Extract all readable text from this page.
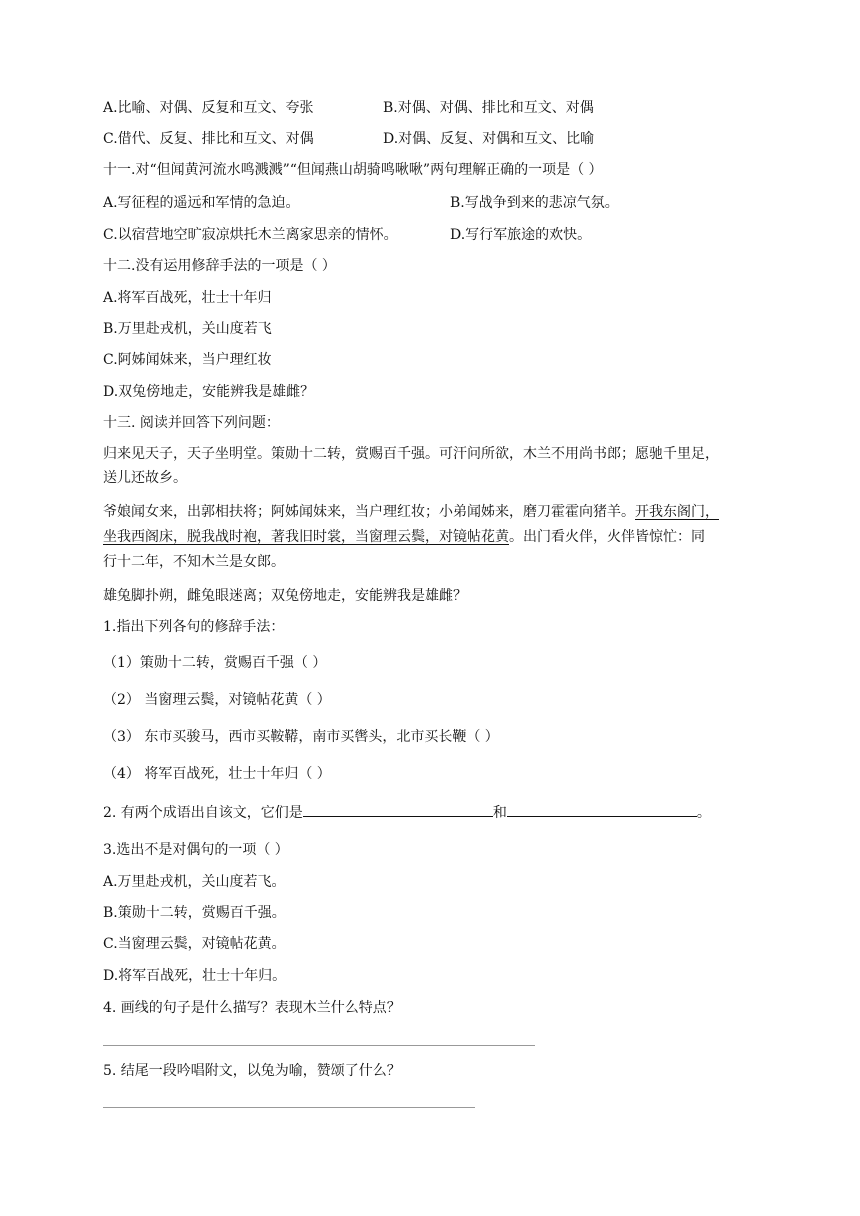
A.比喻、对偶、反复和互文、夸张	B.对偶、对偶、排比和互文、对偶
C.借代、反复、排比和互文、对偶	D.对偶、反复、对偶和互文、比喻
十一.对“但闻黄河流水鸣溅溅”“但闻燕山胡骑鸣啾啾”两句理解正确的一项是（ ）
A.写征程的遥远和军情的急迫。	B.写战争到来的悲凉气氛。
C.以宿营地空旷寂凉烘托木兰离家思亲的情怀。	D.写行军旅途的欢快。
十二.没有运用修辞手法的一项是（ ）
A.将军百战死，壮士十年归
B.万里赴戎机，关山度若飞
C.阿姊闻妹来，当户理红妆
D.双兔傍地走，安能辨我是雄雌？
十三. 阅读并回答下列问题：
归来见天子，天子坐明堂。策勋十二转，赏赐百千强。可汗问所欲，木兰不用尚书郎；愿驰千里足，
送儿还故乡。
爷娘闻女来，出郭相扶将；阿姊闻妹来，当户理红妆；小弟闻姊来，磨刀霍霍向猪羊。开我东阁门，
坐我西阁床，脱我战时袍，著我旧时裳，当窗理云鬓，对镜帖花黄。出门看火伴，火伴皆惊忙：同
行十二年，不知木兰是女郎。
雄兔脚扑朔，雌兔眼迷离；双兔傍地走，安能辨我是雄雌？
1.指出下列各句的修辞手法：
（1）策勋十二转，赏赐百千强（ ）
（2） 当窗理云鬓，对镜帖花黄（ ）
（3） 东市买骏马，西市买鞍鞯，南市买辔头，北市买长鞭（ ）
（4） 将军百战死，壮士十年归（ ）
2. 有两个成语出自该文，它们是	和	。
3.选出不是对偶句的一项（ ）
A.万里赴戎机，关山度若飞。
B.策勋十二转，赏赐百千强。
C.当窗理云鬓，对镜帖花黄。
D.将军百战死，壮士十年归。
4. 画线的句子是什么描写？表现木兰什么特点？
5. 结尾一段吟唱附文，以兔为喻，赞颂了什么？
